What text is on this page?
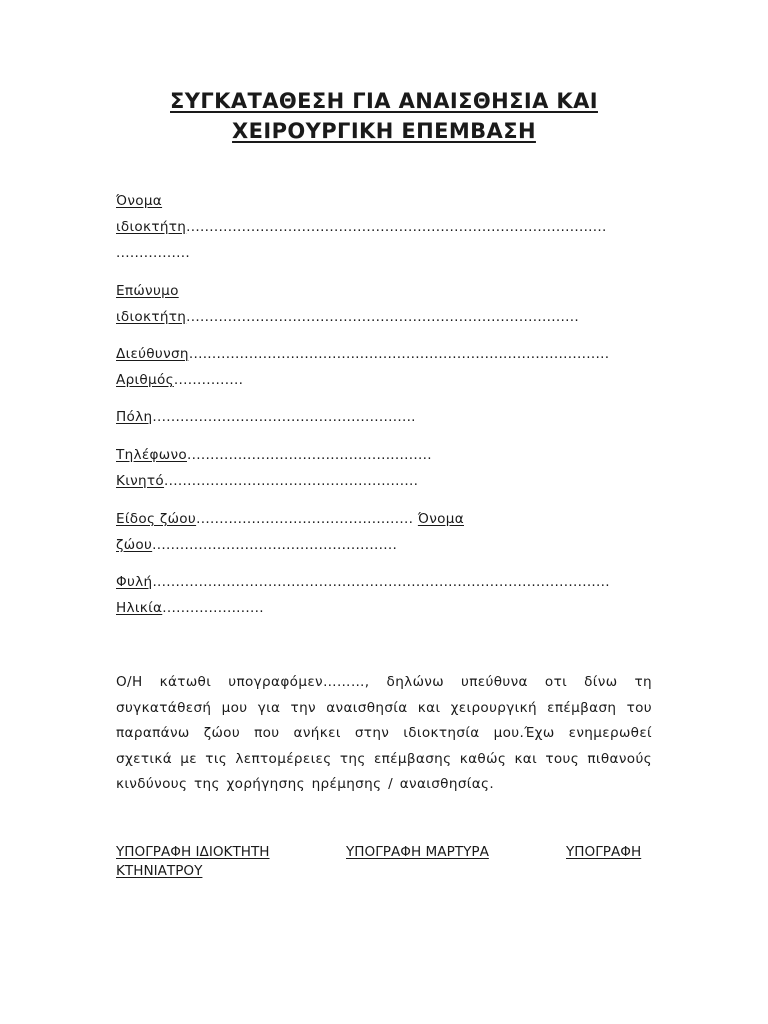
ΣΥΓΚΑΤΑΘΕΣΗ ΓΙΑ ΑΝΑΙΣΘΗΣΙΑ ΚΑΙ
ΧΕΙΡΟΥΡΓΙΚΗ ΕΠΕΜΒΑΣΗ
Όνομα
ιδιοκτήτη...........................................................................................
................
Επώνυμο
ιδιοκτήτη.....................................................................................
Διεύθυνση...........................................................................................
Αριθμός...............
Πόλη.........................................................
Τηλέφωνο.....................................................
Κινητό.......................................................
Είδος ζώου............................................... Όνομα
ζώου.....................................................
Φυλή...................................................................................................
Ηλικία......................
Ο/Η κάτωθι υπογραφόμεν………, δηλώνω υπεύθυνα οτι δίνω τη συγκατάθεσή μου για την αναισθησία και χειρουργική επέμβαση του παραπάνω ζώου που ανήκει στην ιδιοκτησία μου.Έχω ενημερωθεί σχετικά με τις λεπτομέρειες της επέμβασης καθώς και τους πιθανούς κινδύνους της χορήγησης ηρέμησης / αναισθησίας.
ΥΠΟΓΡΑΦΗ ΙΔΙΟΚΤΗΤΗ	ΥΠΟΓΡΑΦΗ ΜΑΡΤΥΡΑ	ΥΠΟΓΡΑΦΗ
ΚΤΗΝΙΑΤΡΟΥ
